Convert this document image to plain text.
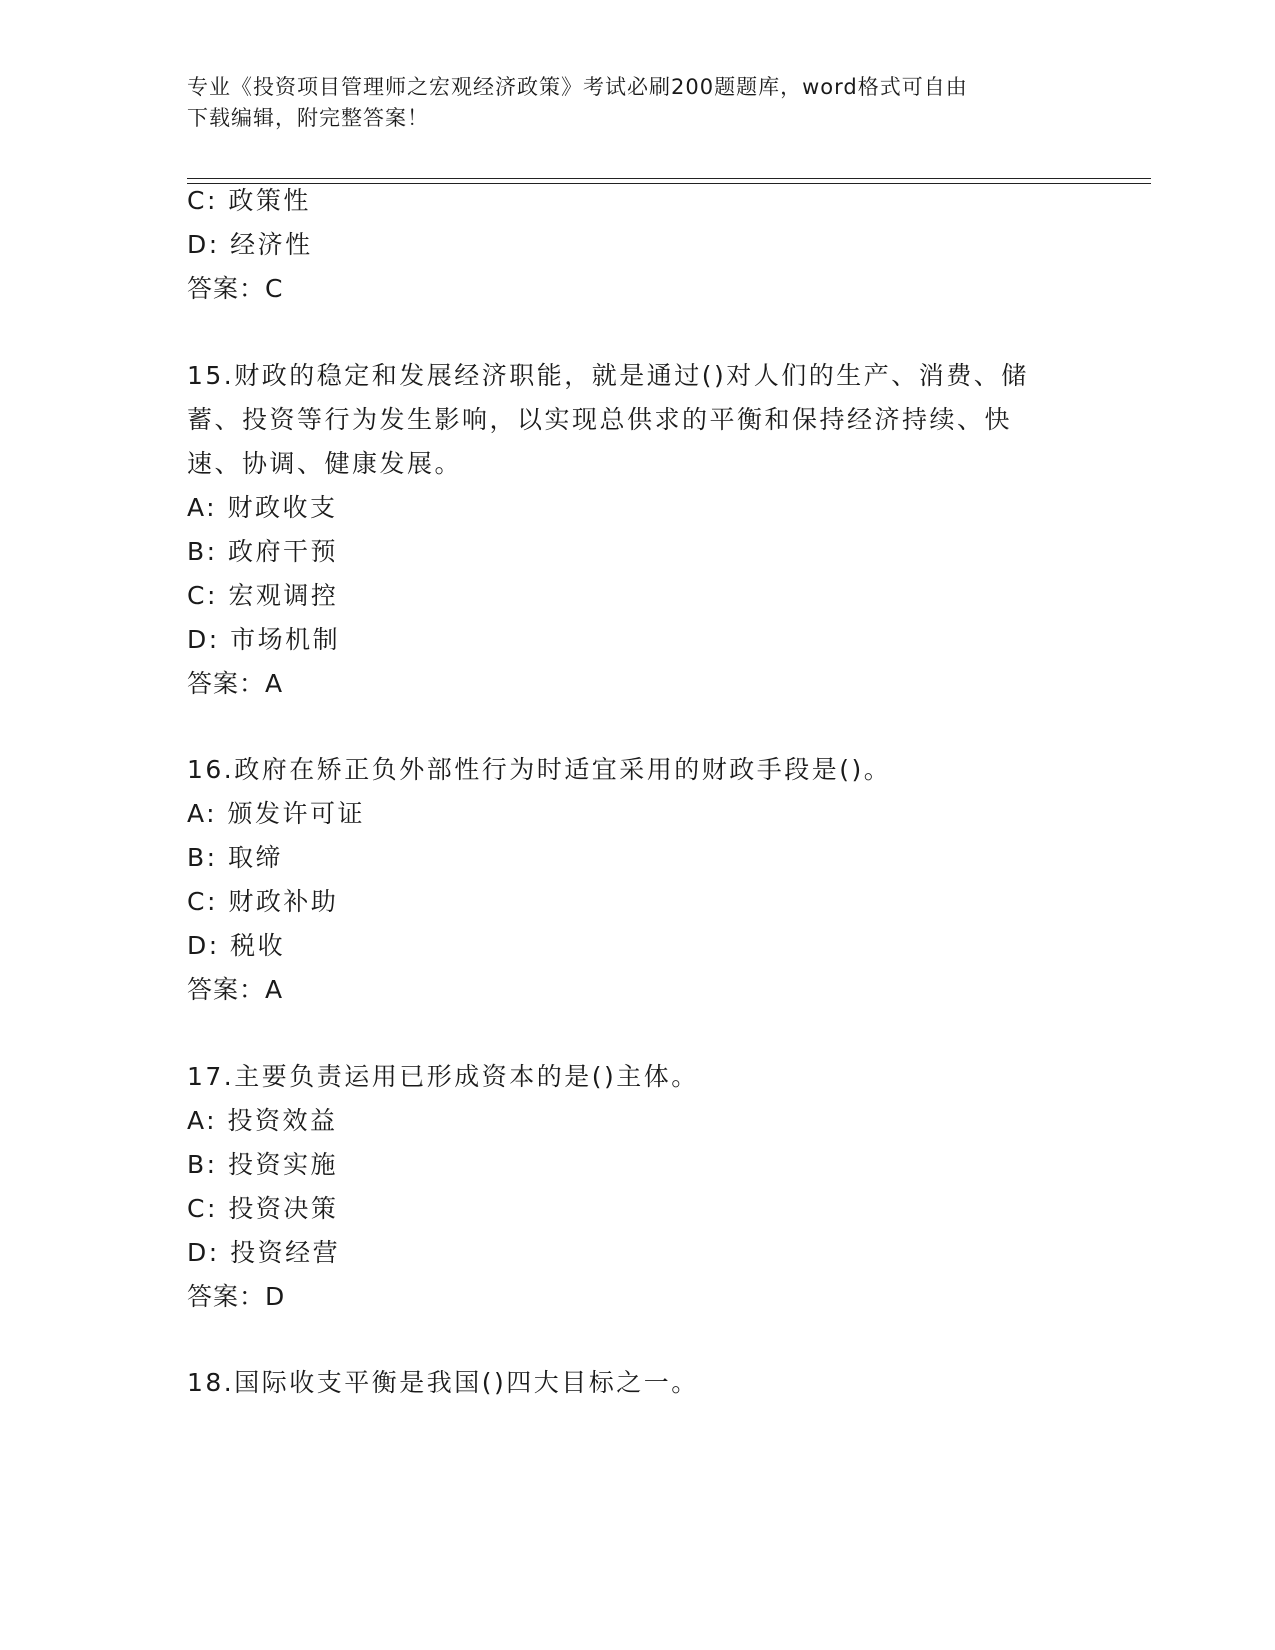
专业《投资项目管理师之宏观经济政策》考试必刷200题题库，word格式可自由
下载编辑，附完整答案！
C: 政策性
D: 经济性
答案：C
15.财政的稳定和发展经济职能，就是通过()对人们的生产、消费、储
蓄、投资等行为发生影响，以实现总供求的平衡和保持经济持续、快
速、协调、健康发展。
A: 财政收支
B: 政府干预
C: 宏观调控
D: 市场机制
答案：A
16.政府在矫正负外部性行为时适宜采用的财政手段是()。
A: 颁发许可证
B: 取缔
C: 财政补助
D: 税收
答案：A
17.主要负责运用已形成资本的是()主体。
A: 投资效益
B: 投资实施
C: 投资决策
D: 投资经营
答案：D
18.国际收支平衡是我国()四大目标之一。
